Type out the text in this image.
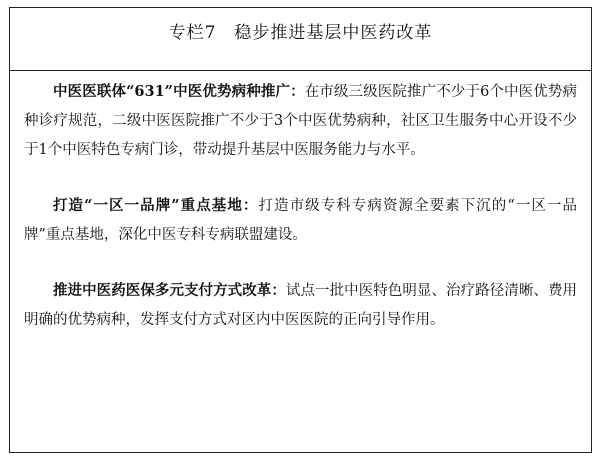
专栏7 稳步推进基层中医药改革

中医医联体“631”中医优势病种推广：在市级三级医院推广不少于6个中医优势病种诊疗规范，二级中医医院推广不少于3个中医优势病种，社区卫生服务中心开设不少于1个中医特色专病门诊，带动提升基层中医服务能力与水平。

打造“一区一品牌”重点基地：打造市级专科专病资源全要素下沉的“一区一品牌”重点基地，深化中医专科专病联盟建设。

推进中医药医保多元支付方式改革：试点一批中医特色明显、治疗路径清晰、费用明确的优势病种，发挥支付方式对区内中医医院的正向引导作用。
